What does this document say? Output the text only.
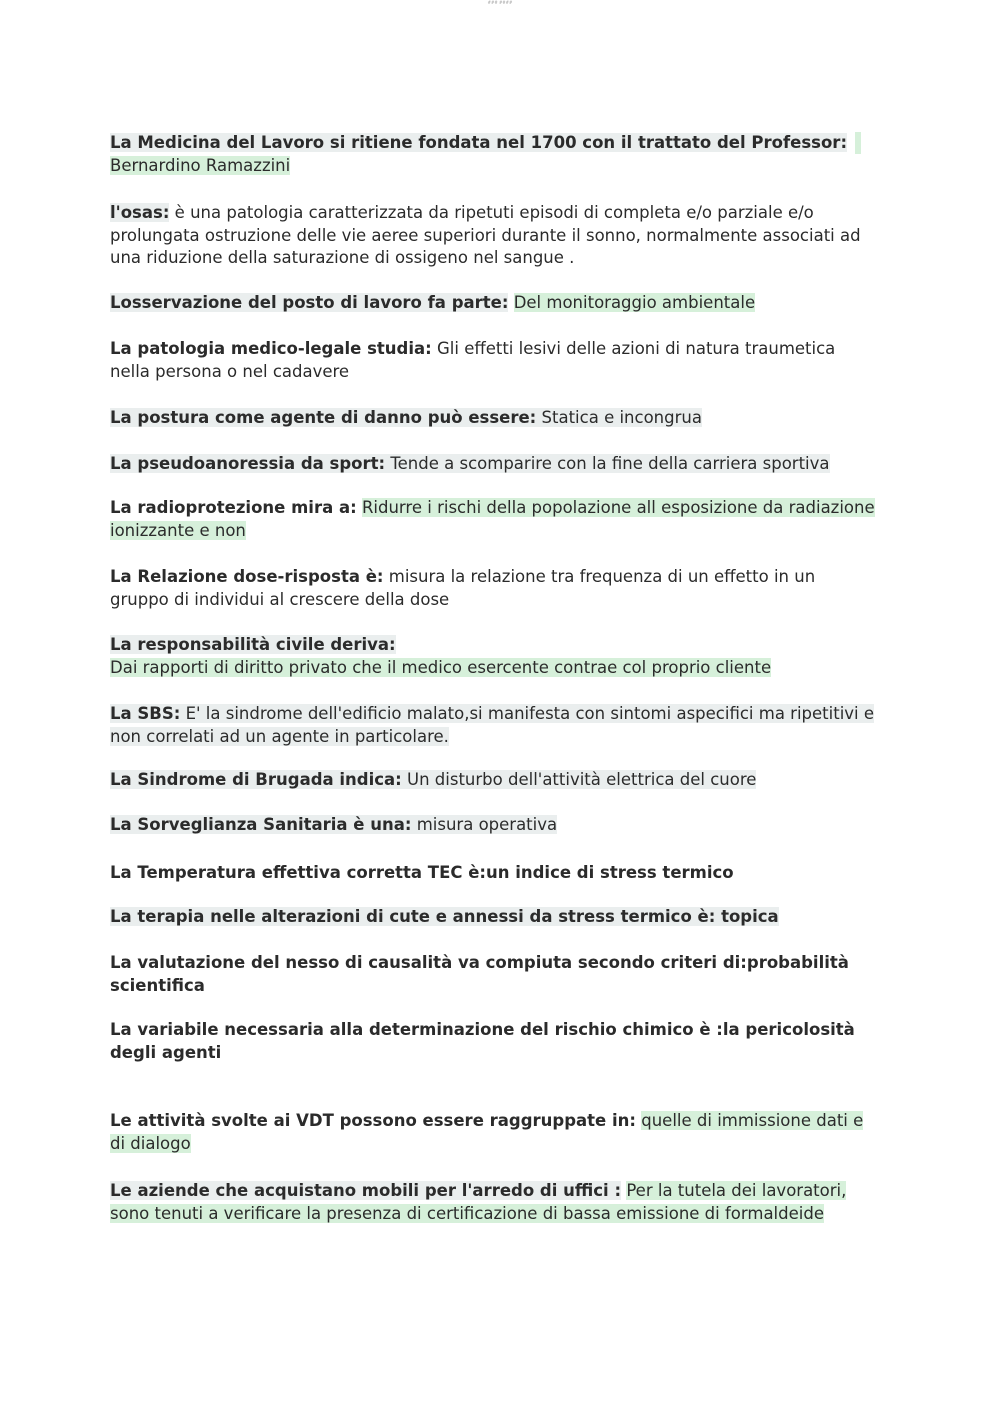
### ####

La Medicina del Lavoro si ritiene fondata nel 1700 con il trattato del Professor:
Bernardino Ramazzini

l'osas: è una patologia caratterizzata da ripetuti episodi di completa e/o parziale e/o prolungata ostruzione delle vie aeree superiori durante il sonno, normalmente associati ad una riduzione della saturazione di ossigeno nel sangue .

Losservazione del posto di lavoro fa parte: Del monitoraggio ambientale

La patologia medico-legale studia: Gli effetti lesivi delle azioni di natura traumetica nella persona o nel cadavere

La postura come agente di danno può essere: Statica e incongrua

La pseudoanoressia da sport: Tende a scomparire con la fine della carriera sportiva

La radioprotezione mira a: Ridurre i rischi della popolazione all esposizione da radiazione ionizzante e non

La Relazione dose-risposta è: misura la relazione tra frequenza di un effetto in un gruppo di individui al crescere della dose

La responsabilità civile deriva:
Dai rapporti di diritto privato che il medico esercente contrae col proprio cliente

La SBS: E' la sindrome dell'edificio malato,si manifesta con sintomi aspecifici ma ripetitivi e non correlati ad un agente in particolare.

La Sindrome di Brugada indica: Un disturbo dell'attività elettrica del cuore

La Sorveglianza Sanitaria è una: misura operativa

La Temperatura effettiva corretta TEC è:un indice di stress termico

La terapia nelle alterazioni di cute e annessi da stress termico è: topica

La valutazione del nesso di causalità va compiuta secondo criteri di:probabilità scientifica

La variabile necessaria alla determinazione del rischio chimico è :la pericolosità degli agenti

Le attività svolte ai VDT possono essere raggruppate in: quelle di immissione dati e di dialogo

Le aziende che acquistano mobili per l'arredo di uffici : Per la tutela dei lavoratori, sono tenuti a verificare la presenza di certificazione di bassa emissione di formaldeide
